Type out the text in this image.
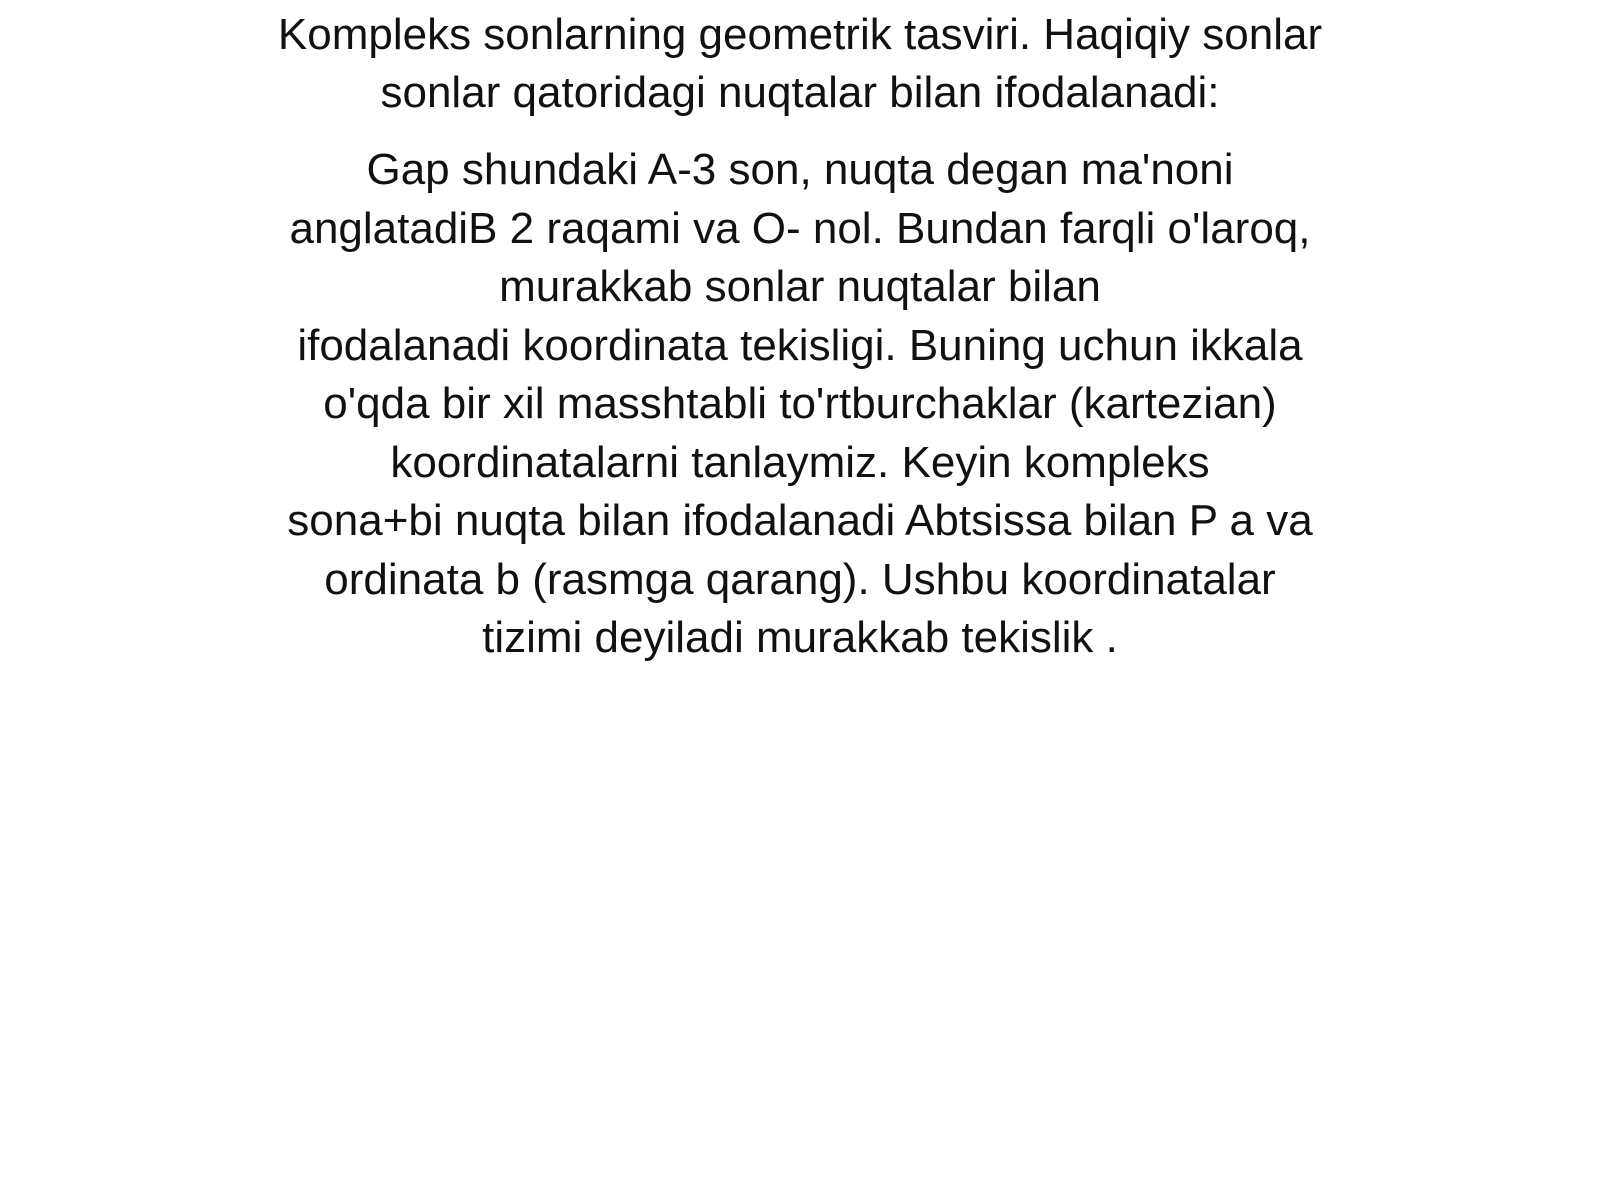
Kompleks sonlarning geometrik tasviri. Haqiqiy sonlar
sonlar qatoridagi nuqtalar bilan ifodalanadi:
Gap shundaki A-3 son, nuqta degan ma'noni
anglatadiB 2 raqami va O- nol. Bundan farqli o'laroq,
murakkab sonlar nuqtalar bilan
ifodalanadi koordinata tekisligi. Buning uchun ikkala
o'qda bir xil masshtabli to'rtburchaklar (kartezian)
koordinatalarni tanlaymiz. Keyin kompleks
sona+bi nuqta bilan ifodalanadi Abtsissa bilan P a va
ordinata b (rasmga qarang). Ushbu koordinatalar
tizimi deyiladi murakkab tekislik .
